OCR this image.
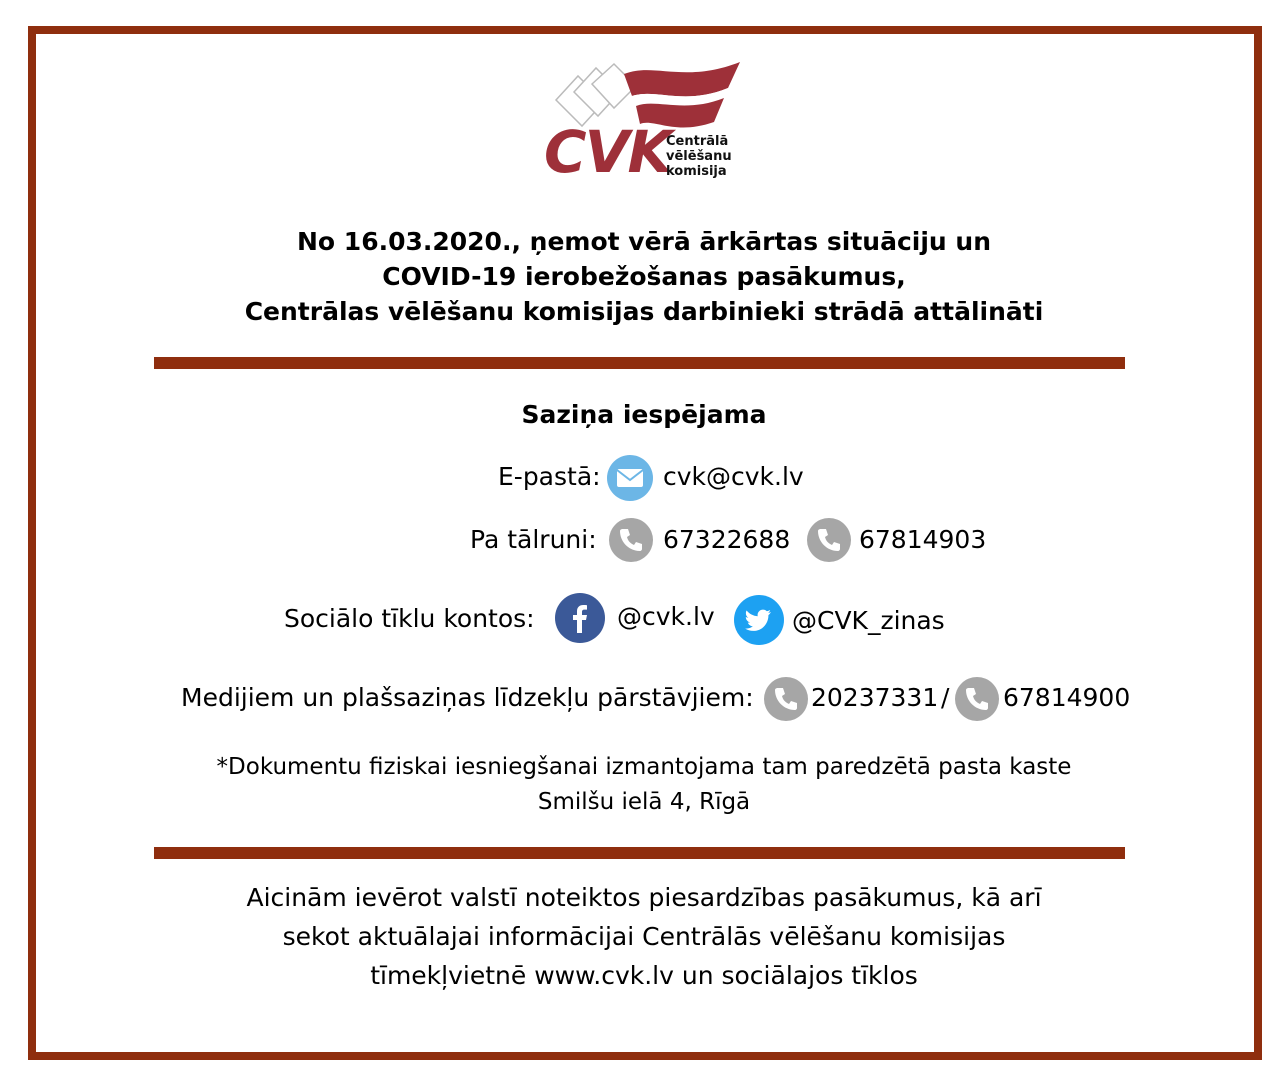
CVK
Centrālā
vēlēšanu
komisija
No 16.03.2020., ņemot vērā ārkārtas situāciju un
COVID-19 ierobežošanas pasākumus,
Centrālas vēlēšanu komisijas darbinieki strādā attālināti
Saziņa iespējama
E-pastā: cvk@cvk.lv
Pa tālruni:	67322688	67814903
Sociālo tīklu kontos:	@cvk.lv	@CVK_zinas
Medijiem un plašsaziņas līdzekļu pārstāvjiem: 20237331 / 67814900
*Dokumentu fiziskai iesniegšanai izmantojama tam paredzētā pasta kaste
Smilšu ielā 4, Rīgā
Aicinām ievērot valstī noteiktos piesardzības pasākumus, kā arī
sekot aktuālajai informācijai Centrālās vēlēšanu komisijas
tīmekļvietnē www.cvk.lv un sociālajos tīklos
